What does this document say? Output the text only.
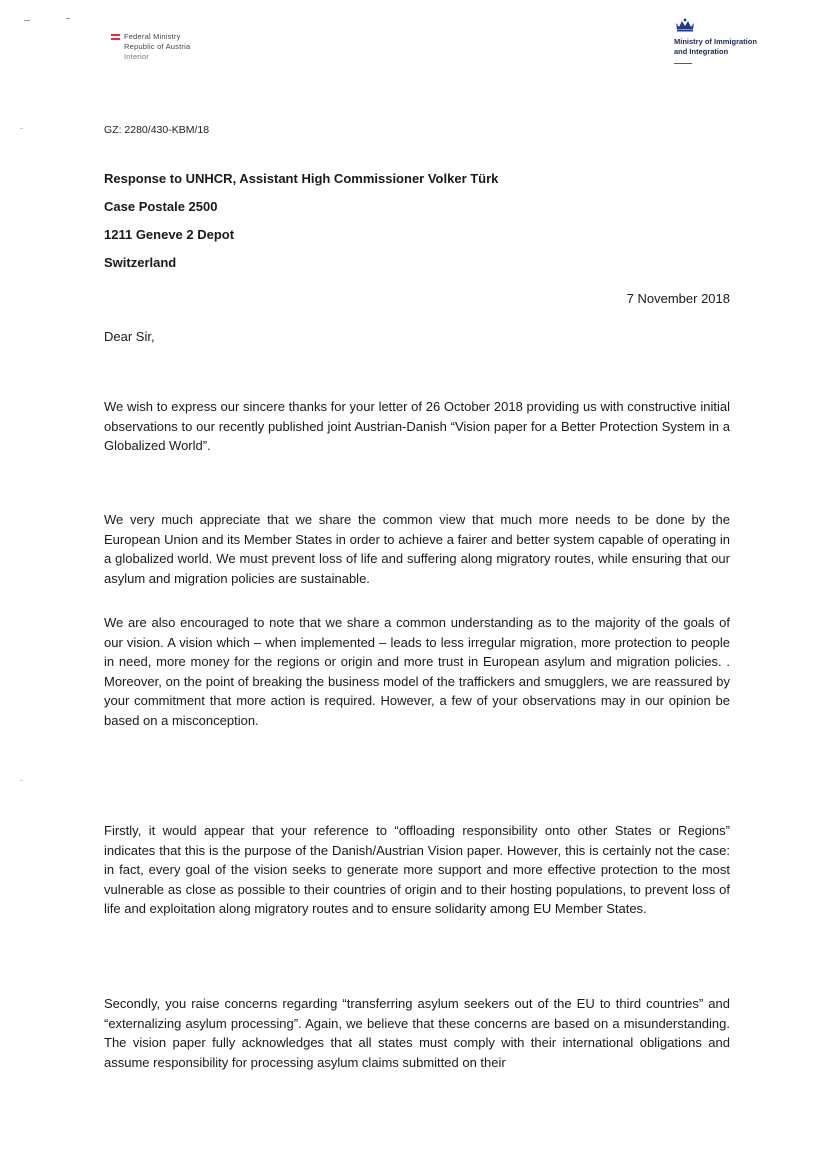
Federal Ministry
Republic of Austria
Interior
Ministry of Immigration
and Integration
GZ: 2280/430-KBM/18
Response to UNHCR, Assistant High Commissioner Volker Türk
Case Postale 2500
1211 Geneve 2 Depot
Switzerland
7 November 2018
Dear Sir,

We wish to express our sincere thanks for your letter of 26 October 2018 providing us with constructive initial observations to our recently published joint Austrian-Danish “Vision paper for a Better Protection System in a Globalized World”.

We very much appreciate that we share the common view that much more needs to be done by the European Union and its Member States in order to achieve a fairer and better system capable of operating in a globalized world. We must prevent loss of life and suffering along migratory routes, while ensuring that our asylum and migration policies are sustainable.

We are also encouraged to note that we share a common understanding as to the majority of the goals of our vision. A vision which – when implemented – leads to less irregular migration, more protection to people in need, more money for the regions or origin and more trust in European asylum and migration policies. . Moreover, on the point of breaking the business model of the traffickers and smugglers, we are reassured by your commitment that more action is required. However, a few of your observations may in our opinion be based on a misconception.

Firstly, it would appear that your reference to “offloading responsibility onto other States or Regions” indicates that this is the purpose of the Danish/Austrian Vision paper. However, this is certainly not the case: in fact, every goal of the vision seeks to generate more support and more effective protection to the most vulnerable as close as possible to their countries of origin and to their hosting populations, to prevent loss of life and exploitation along migratory routes and to ensure solidarity among EU Member States.

Secondly, you raise concerns regarding “transferring asylum seekers out of the EU to third countries” and “externalizing asylum processing”. Again, we believe that these concerns are based on a misunderstanding. The vision paper fully acknowledges that all states must comply with their international obligations and assume responsibility for processing asylum claims submitted on their
